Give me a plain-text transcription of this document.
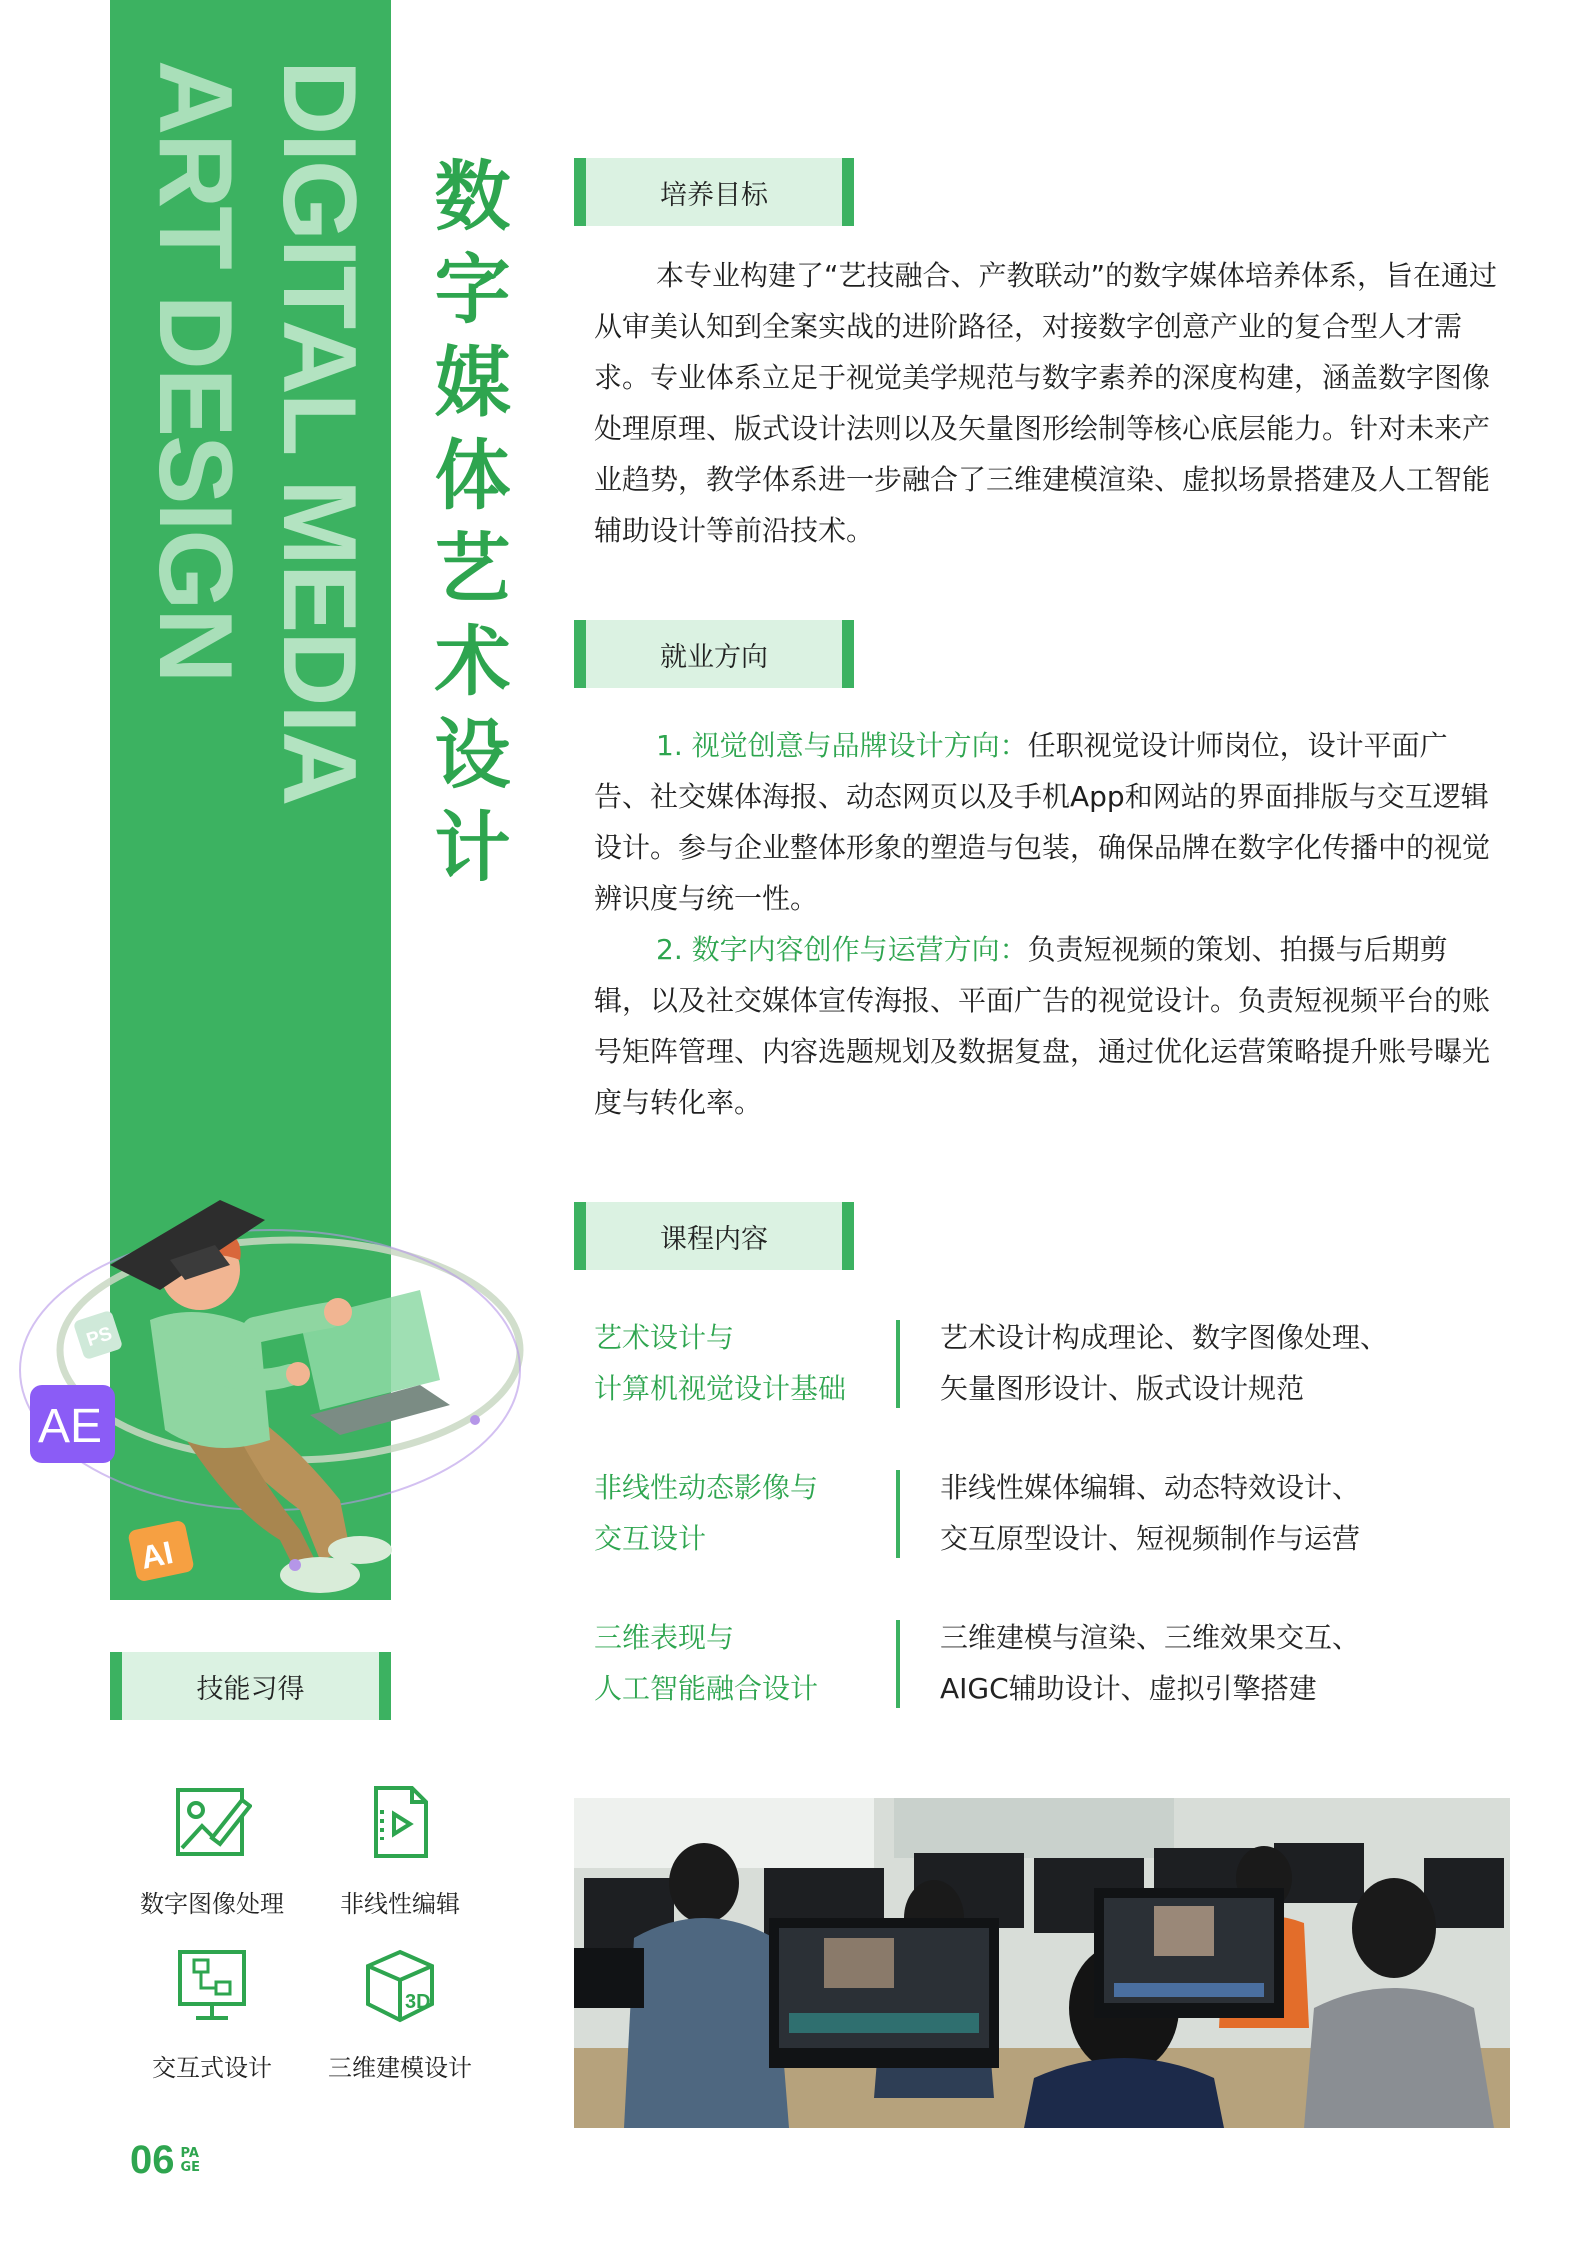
ART DESIGN DIGITAL MEDIA 数字媒体艺术设计
培养目标

本专业构建了“艺技融合、产教联动”的数字媒体培养体系，旨在通过从审美认知到全案实战的进阶路径，对接数字创意产业的复合型人才需求。专业体系立足于视觉美学规范与数字素养的深度构建，涵盖数字图像处理原理、版式设计法则以及矢量图形绘制等核心底层能力。针对未来产业趋势，教学体系进一步融合了三维建模渲染、虚拟场景搭建及人工智能辅助设计等前沿技术。

就业方向

1. 视觉创意与品牌设计方向：任职视觉设计师岗位，设计平面广告、社交媒体海报、动态网页以及手机App和网站的界面排版与交互逻辑设计。参与企业整体形象的塑造与包装，确保品牌在数字化传播中的视觉辨识度与统一性。

2. 数字内容创作与运营方向：负责短视频的策划、拍摄与后期剪辑，以及社交媒体宣传海报、平面广告的视觉设计。负责短视频平台的账号矩阵管理、内容选题规划及数据复盘，通过优化运营策略提升账号曝光度与转化率。

课程内容
艺术设计与
计算机视觉设计基础
艺术设计构成理论、数字图像处理、
矢量图形设计、版式设计规范
非线性动态影像与
交互设计
非线性媒体编辑、动态特效设计、
交互原型设计、短视频制作与运营
三维表现与
人工智能融合设计
三维建模与渲染、三维效果交互、
AIGC辅助设计、虚拟引擎搭建
PS
AE
AI
技能习得
数字图像处理	非线性编辑
交互式设计
3D
三维建模设计
06 PA
GE
